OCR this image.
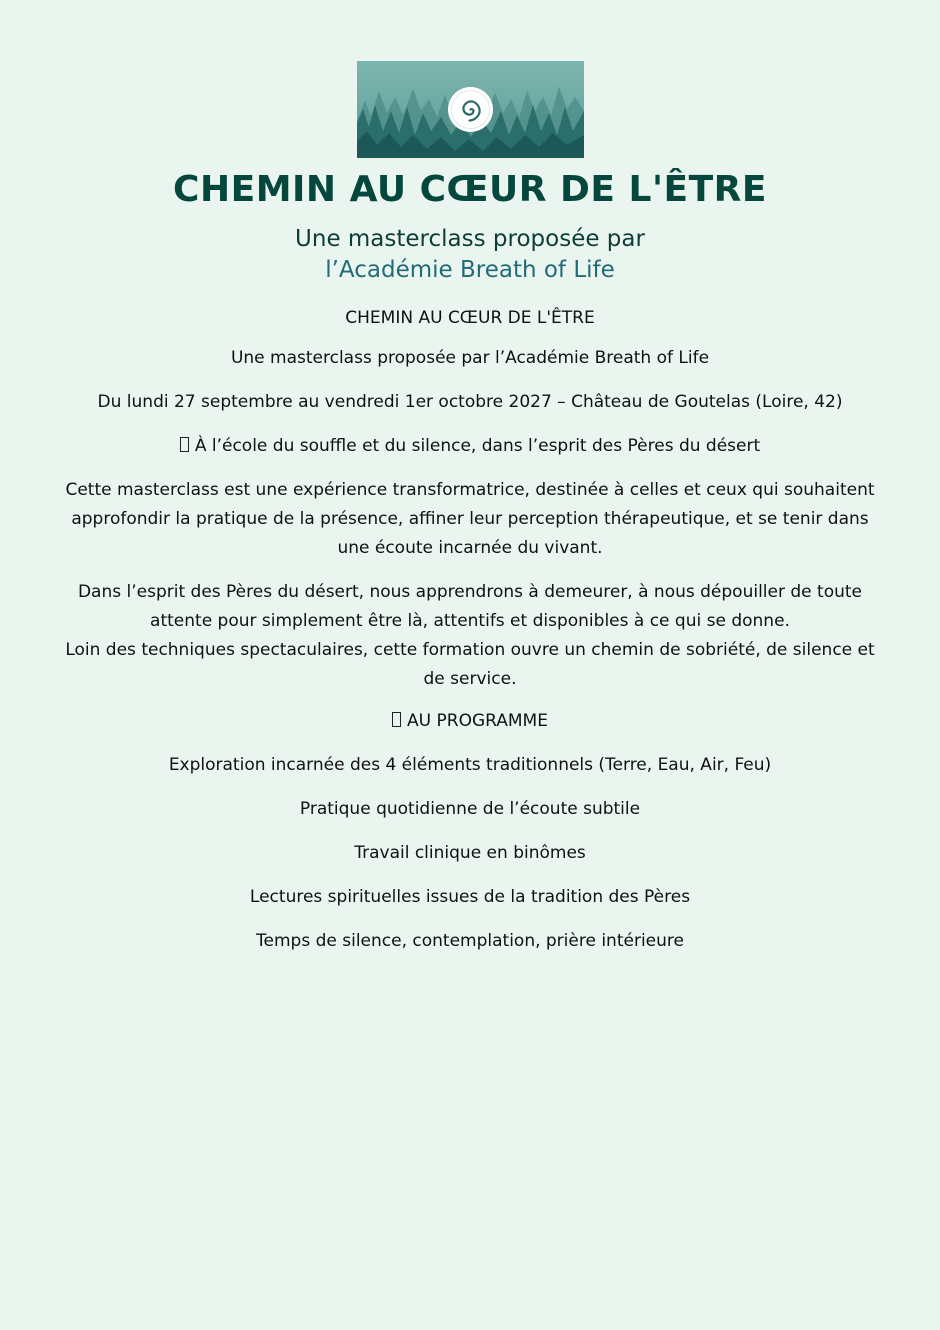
CHEMIN AU CŒUR DE L'ÊTRE
Une masterclass proposée par
l’Académie Breath of Life

CHEMIN AU CŒUR DE L'ÊTRE

Une masterclass proposée par l’Académie Breath of Life

Du lundi 27 septembre au vendredi 1er octobre 2027 – Château de Goutelas (Loire, 42)

À l’école du souffle et du silence, dans l’esprit des Pères du désert

Cette masterclass est une expérience transformatrice, destinée à celles et ceux qui souhaitent approfondir la pratique de la présence, affiner leur perception thérapeutique, et se tenir dans une écoute incarnée du vivant.

Dans l’esprit des Pères du désert, nous apprendrons à demeurer, à nous dépouiller de toute attente pour simplement être là, attentifs et disponibles à ce qui se donne.
Loin des techniques spectaculaires, cette formation ouvre un chemin de sobriété, de silence et de service.

AU PROGRAMME

Exploration incarnée des 4 éléments traditionnels (Terre, Eau, Air, Feu)

Pratique quotidienne de l’écoute subtile

Travail clinique en binômes

Lectures spirituelles issues de la tradition des Pères

Temps de silence, contemplation, prière intérieure
